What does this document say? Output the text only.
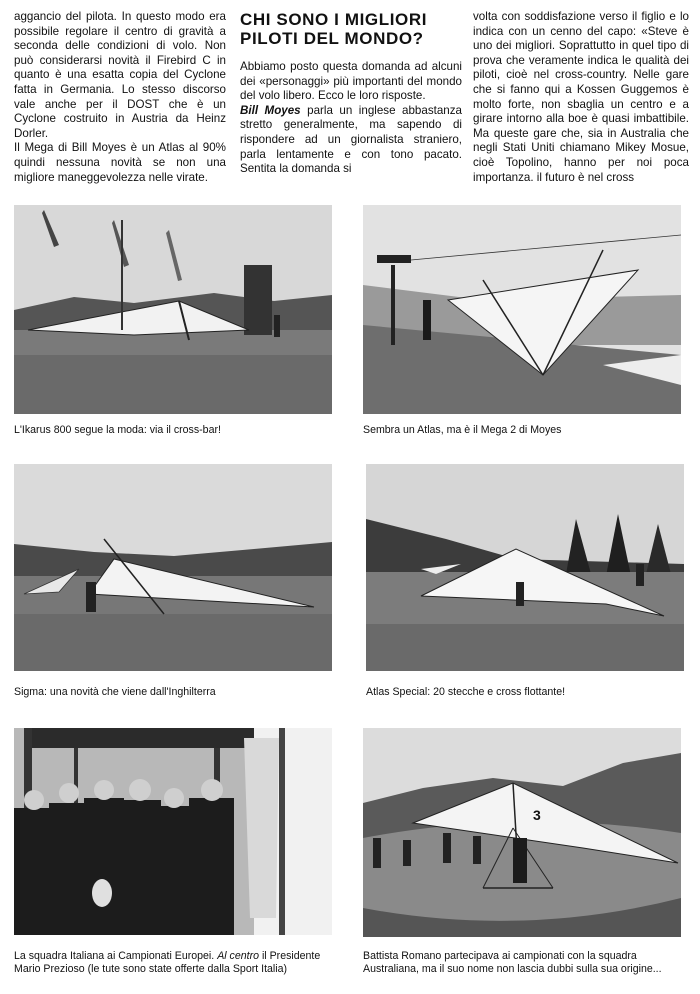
aggancio del pilota. In questo modo era possibile regolare il centro di gravità a seconda delle condizioni di volo. Non può considerarsi novità il Firebird C in quanto è una esatta copia del Cyclone fatta in Germania. Lo stesso discorso vale anche per il DOST che è un Cyclone costruito in Austria da Heinz Dorler.

Il Mega di Bill Moyes è un Atlas al 90% quindi nessuna novità se non una migliore maneggevolezza nelle virate.

CHI SONO I MIGLIORI PILOTI DEL MONDO?

Abbiamo posto questa domanda ad alcuni dei «personaggi» più importanti del mondo del volo libero. Ecco le loro risposte.

Bill Moyes parla un inglese abbastanza stretto generalmente, ma sapendo di rispondere ad un giornalista straniero, parla lentamente e con tono pacato. Sentita la domanda si

volta con soddisfazione verso il figlio e lo indica con un cenno del capo: «Steve è uno dei migliori. Soprattutto in quel tipo di prova che veramente indica le qualità dei piloti, cioè nel cross-country. Nelle gare che si fanno qui a Kossen Guggemos è molto forte, non sbaglia un centro e a girare intorno alla boe è quasi imbattibile. Ma queste gare che, sia in Australia che negli Stati Uniti chiamano Mikey Mosue, cioè Topolino, hanno per noi poca importanza. il futuro è nel cross

L'Ikarus 800 segue la moda: via il cross-bar!	Sembra un Atlas, ma è il Mega 2 di Moyes
Sigma: una novità che viene dall'Inghilterra	Atlas Special: 20 stecche e cross flottante!
La squadra Italiana ai Campionati Europei. Al centro il Presidente Mario Prezioso (le tute sono state offerte dalla Sport Italia)
3
Battista Romano partecipava ai campionati con la squadra Australiana, ma il suo nome non lascia dubbi sulla sua origine...
